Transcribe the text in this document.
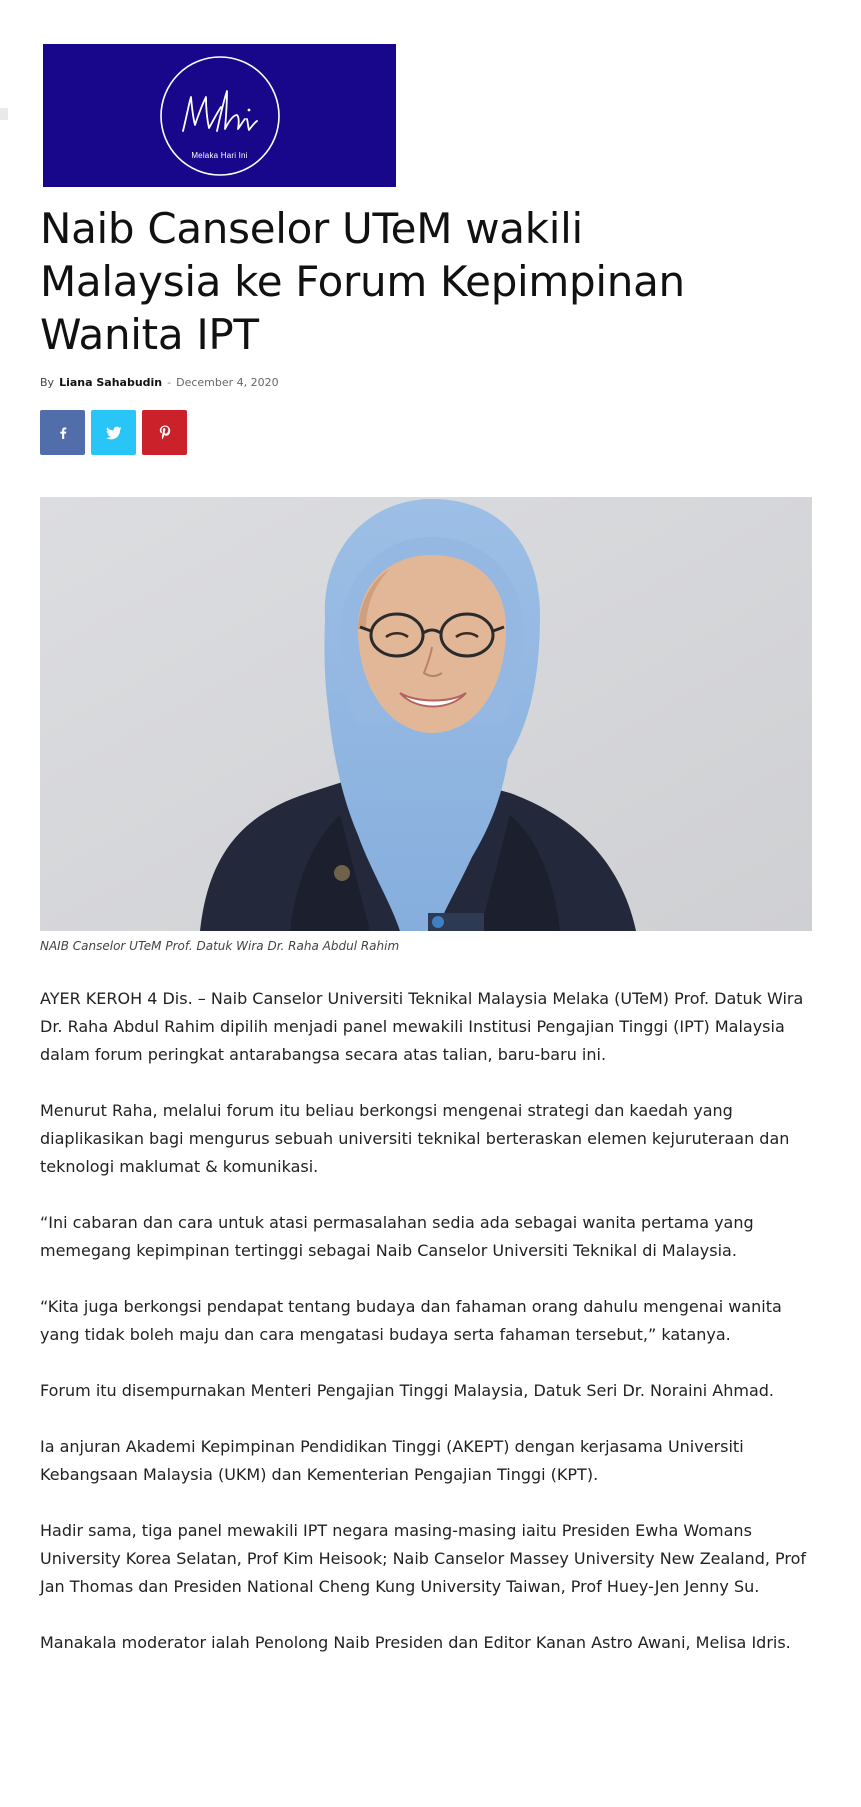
Melaka Hari Ini
Naib Canselor UTeM wakili Malaysia ke Forum Kepimpinan Wanita IPT
By Liana Sahabudin - December 4, 2020
NAIB Canselor UTeM Prof. Datuk Wira Dr. Raha Abdul Rahim

AYER KEROH 4 Dis. – Naib Canselor Universiti Teknikal Malaysia Melaka (UTeM) Prof. Datuk Wira Dr. Raha Abdul Rahim dipilih menjadi panel mewakili Institusi Pengajian Tinggi (IPT) Malaysia dalam forum peringkat antarabangsa secara atas talian, baru-baru ini.

Menurut Raha, melalui forum itu beliau berkongsi mengenai strategi dan kaedah yang diaplikasikan bagi mengurus sebuah universiti teknikal berteraskan elemen kejuruteraan dan teknologi maklumat & komunikasi.

“Ini cabaran dan cara untuk atasi permasalahan sedia ada sebagai wanita pertama yang memegang kepimpinan tertinggi sebagai Naib Canselor Universiti Teknikal di Malaysia.

“Kita juga berkongsi pendapat tentang budaya dan fahaman orang dahulu mengenai wanita yang tidak boleh maju dan cara mengatasi budaya serta fahaman tersebut,” katanya.

Forum itu disempurnakan Menteri Pengajian Tinggi Malaysia, Datuk Seri Dr. Noraini Ahmad.

Ia anjuran Akademi Kepimpinan Pendidikan Tinggi (AKEPT) dengan kerjasama Universiti Kebangsaan Malaysia (UKM) dan Kementerian Pengajian Tinggi (KPT).

Hadir sama, tiga panel mewakili IPT negara masing-masing iaitu Presiden Ewha Womans University Korea Selatan, Prof Kim Heisook; Naib Canselor Massey University New Zealand, Prof Jan Thomas dan Presiden National Cheng Kung University Taiwan, Prof Huey-Jen Jenny Su.

Manakala moderator ialah Penolong Naib Presiden dan Editor Kanan Astro Awani, Melisa Idris.
